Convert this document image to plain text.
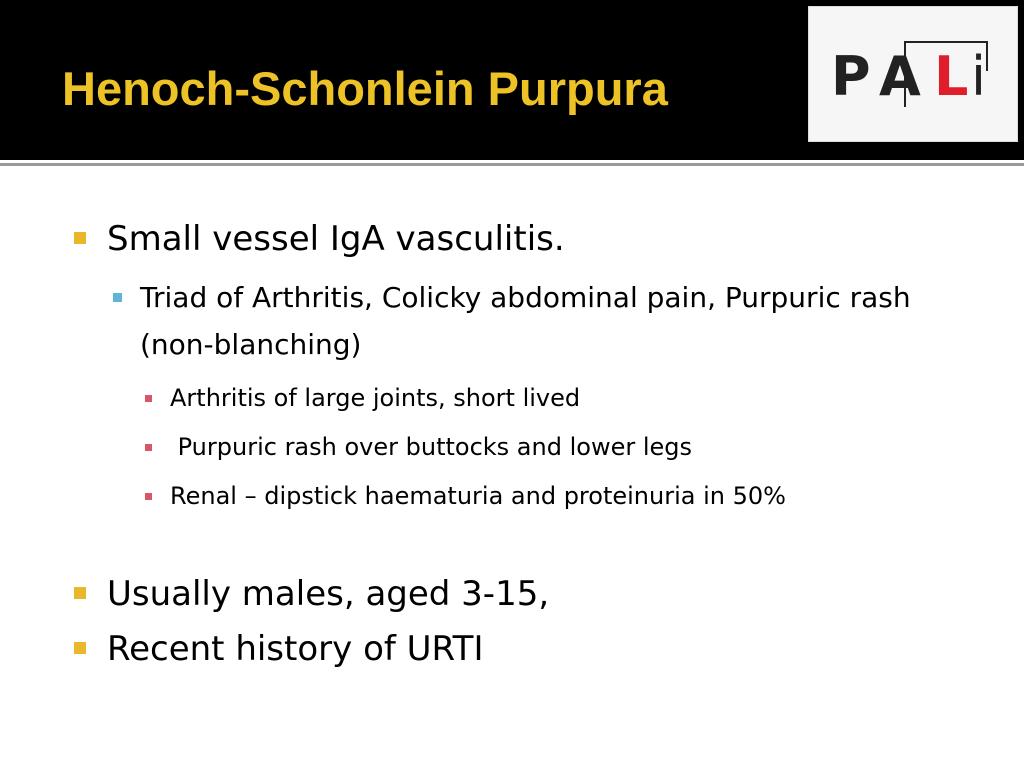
Henoch-Schonlein Purpura	P A L i
Small vessel IgA vasculitis.
Triad of Arthritis, Colicky abdominal pain, Purpuric rash (non-blanching)
Arthritis of large joints, short lived
Purpuric rash over buttocks and lower legs
Renal – dipstick haematuria and proteinuria in 50%
Usually males, aged 3-15,
Recent history of URTI
